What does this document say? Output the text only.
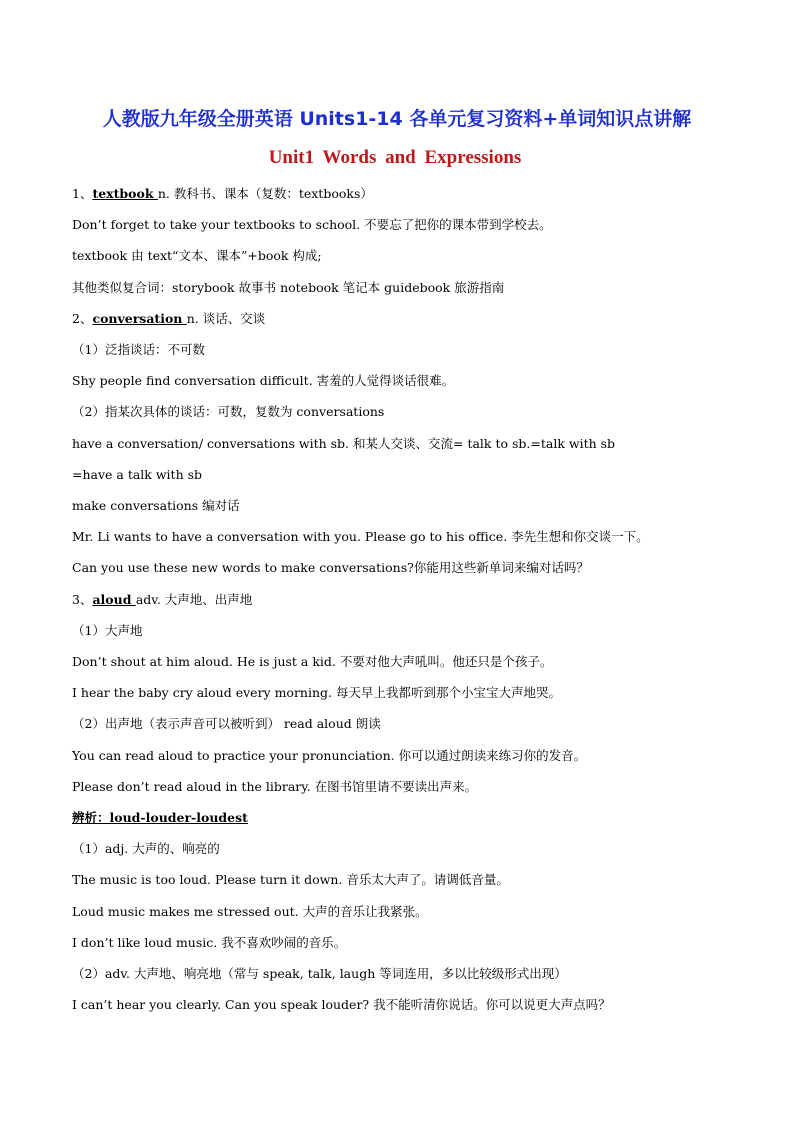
人教版九年级全册英语 Units1-14 各单元复习资料+单词知识点讲解
Unit1 Words and Expressions
1、textbook n. 教科书、课本（复数：textbooks）
Don’t forget to take your textbooks to school. 不要忘了把你的课本带到学校去。
textbook 由 text“文本、课本”+book 构成;
其他类似复合词：storybook 故事书 notebook 笔记本 guidebook 旅游指南
2、conversation n. 谈话、交谈
（1）泛指谈话：不可数
Shy people find conversation difficult. 害羞的人觉得谈话很难。
（2）指某次具体的谈话：可数，复数为 conversations
have a conversation/ conversations with sb. 和某人交谈、交流= talk to sb.=talk with sb
=have a talk with sb
make conversations 编对话
Mr. Li wants to have a conversation with you. Please go to his office. 李先生想和你交谈一下。
Can you use these new words to make conversations?你能用这些新单词来编对话吗？
3、aloud adv. 大声地、出声地
（1）大声地
Don’t shout at him aloud. He is just a kid. 不要对他大声吼叫。他还只是个孩子。
I hear the baby cry aloud every morning. 每天早上我都听到那个小宝宝大声地哭。
（2）出声地（表示声音可以被听到） read aloud 朗读
You can read aloud to practice your pronunciation. 你可以通过朗读来练习你的发音。
Please don’t read aloud in the library. 在图书馆里请不要读出声来。
辨析：loud-louder-loudest
（1）adj. 大声的、响亮的
The music is too loud. Please turn it down. 音乐太大声了。请调低音量。
Loud music makes me stressed out. 大声的音乐让我紧张。
I don’t like loud music. 我不喜欢吵闹的音乐。
（2）adv. 大声地、响亮地（常与 speak, talk, laugh 等词连用，多以比较级形式出现）
I can’t hear you clearly. Can you speak louder? 我不能听清你说话。你可以说更大声点吗？
